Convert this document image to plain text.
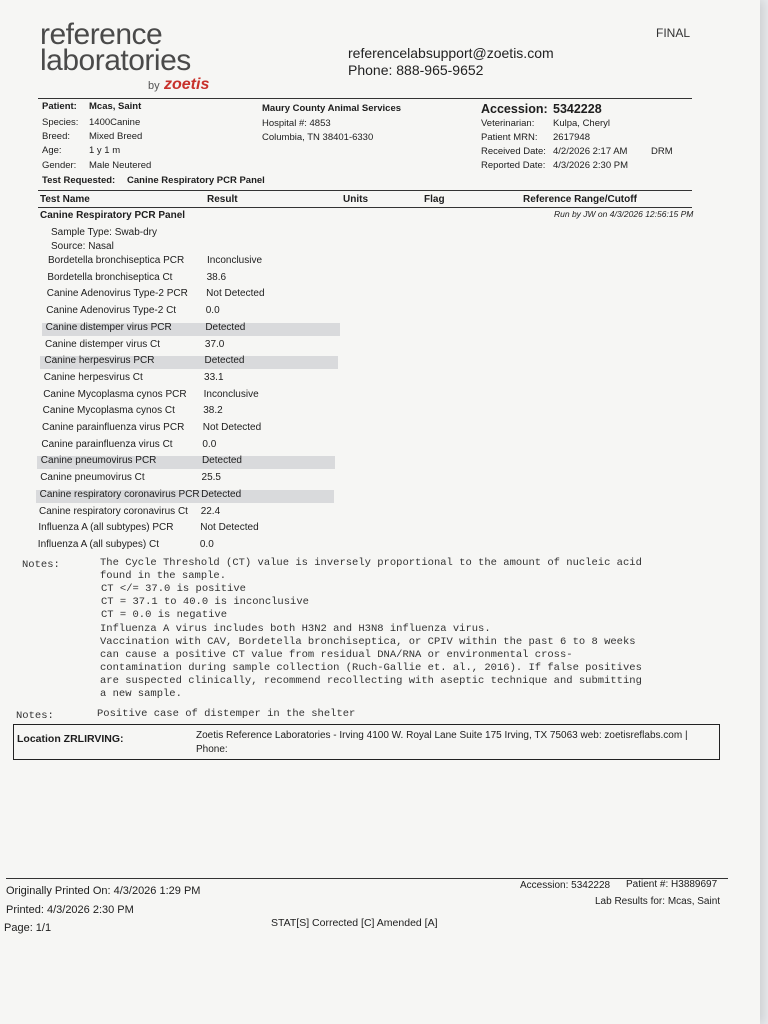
reference
laboratories
by zoetis
FINAL
referencelabsupport@zoetis.com
Phone: 888-965-9652
Patient: Mcas, Saint
Species: 1400Canine
Breed: Mixed Breed
Age:	1 y 1 m
Gender: Male Neutered
Test Requested: Canine Respiratory PCR Panel
Maury County Animal Services
Hospital #: 4853
Columbia, TN 38401-6330
Accession: 5342228
Veterinarian: Kulpa, Cheryl
Patient MRN: 2617948
Received Date: 4/2/2026 2:17 AM DRM
Reported Date: 4/3/2026 2:30 PM
Test Name	Result	Units	Flag	Reference Range/Cutoff
Canine Respiratory PCR Panel	Run by JW on 4/3/2026 12:56:15 PM
Sample Type: Swab-dry
Source: Nasal
Bordetella bronchiseptica PCR Inconclusive
Bordetella bronchiseptica Ct	38.6
Canine Adenovirus Type-2 PCR Not Detected
Canine Adenovirus Type-2 Ct	0.0
Canine distemper virus PCR	Detected
Canine distemper virus Ct	37.0
Canine herpesvirus PCR	Detected
Canine herpesvirus Ct	33.1
Canine Mycoplasma cynos PCR Inconclusive
Canine Mycoplasma cynos Ct	38.2
Canine parainfluenza virus PCR Not Detected
Canine parainfluenza virus Ct	0.0
Canine pneumovirus PCR	Detected
Canine pneumovirus Ct	25.5
Canine respiratory coronavirus PCR Detected
Canine respiratory coronavirus Ct 22.4
Influenza A (all subtypes) PCR	Not Detected
Influenza A (all subypes) Ct	0.0
Notes:	The Cycle Threshold (CT) value is inversely proportional to the amount of nucleic acid
found in the sample.
CT </= 37.0 is positive
CT = 37.1 to 40.0 is inconclusive
CT = 0.0 is negative
Influenza A virus includes both H3N2 and H3N8 influenza virus.
Vaccination with CAV, Bordetella bronchiseptica, or CPIV within the past 6 to 8 weeks
can cause a positive CT value from residual DNA/RNA or environmental cross-
contamination during sample collection (Ruch-Gallie et. al., 2016). If false positives
are suspected clinically, recommend recollecting with aseptic technique and submitting
a new sample.
Notes:	Positive case of distemper in the shelter
Location ZRLIRVING:	Zoetis Reference Laboratories - Irving 4100 W. Royal Lane Suite 175 Irving, TX 75063 web: zoetisreflabs.com |
Phone:
Originally Printed On: 4/3/2026 1:29 PM
Printed: 4/3/2026 2:30 PM
Page: 1/1
Accession: 5342228 Patient #: H3889697
Lab Results for: Mcas, Saint
STAT[S] Corrected [C] Amended [A]
